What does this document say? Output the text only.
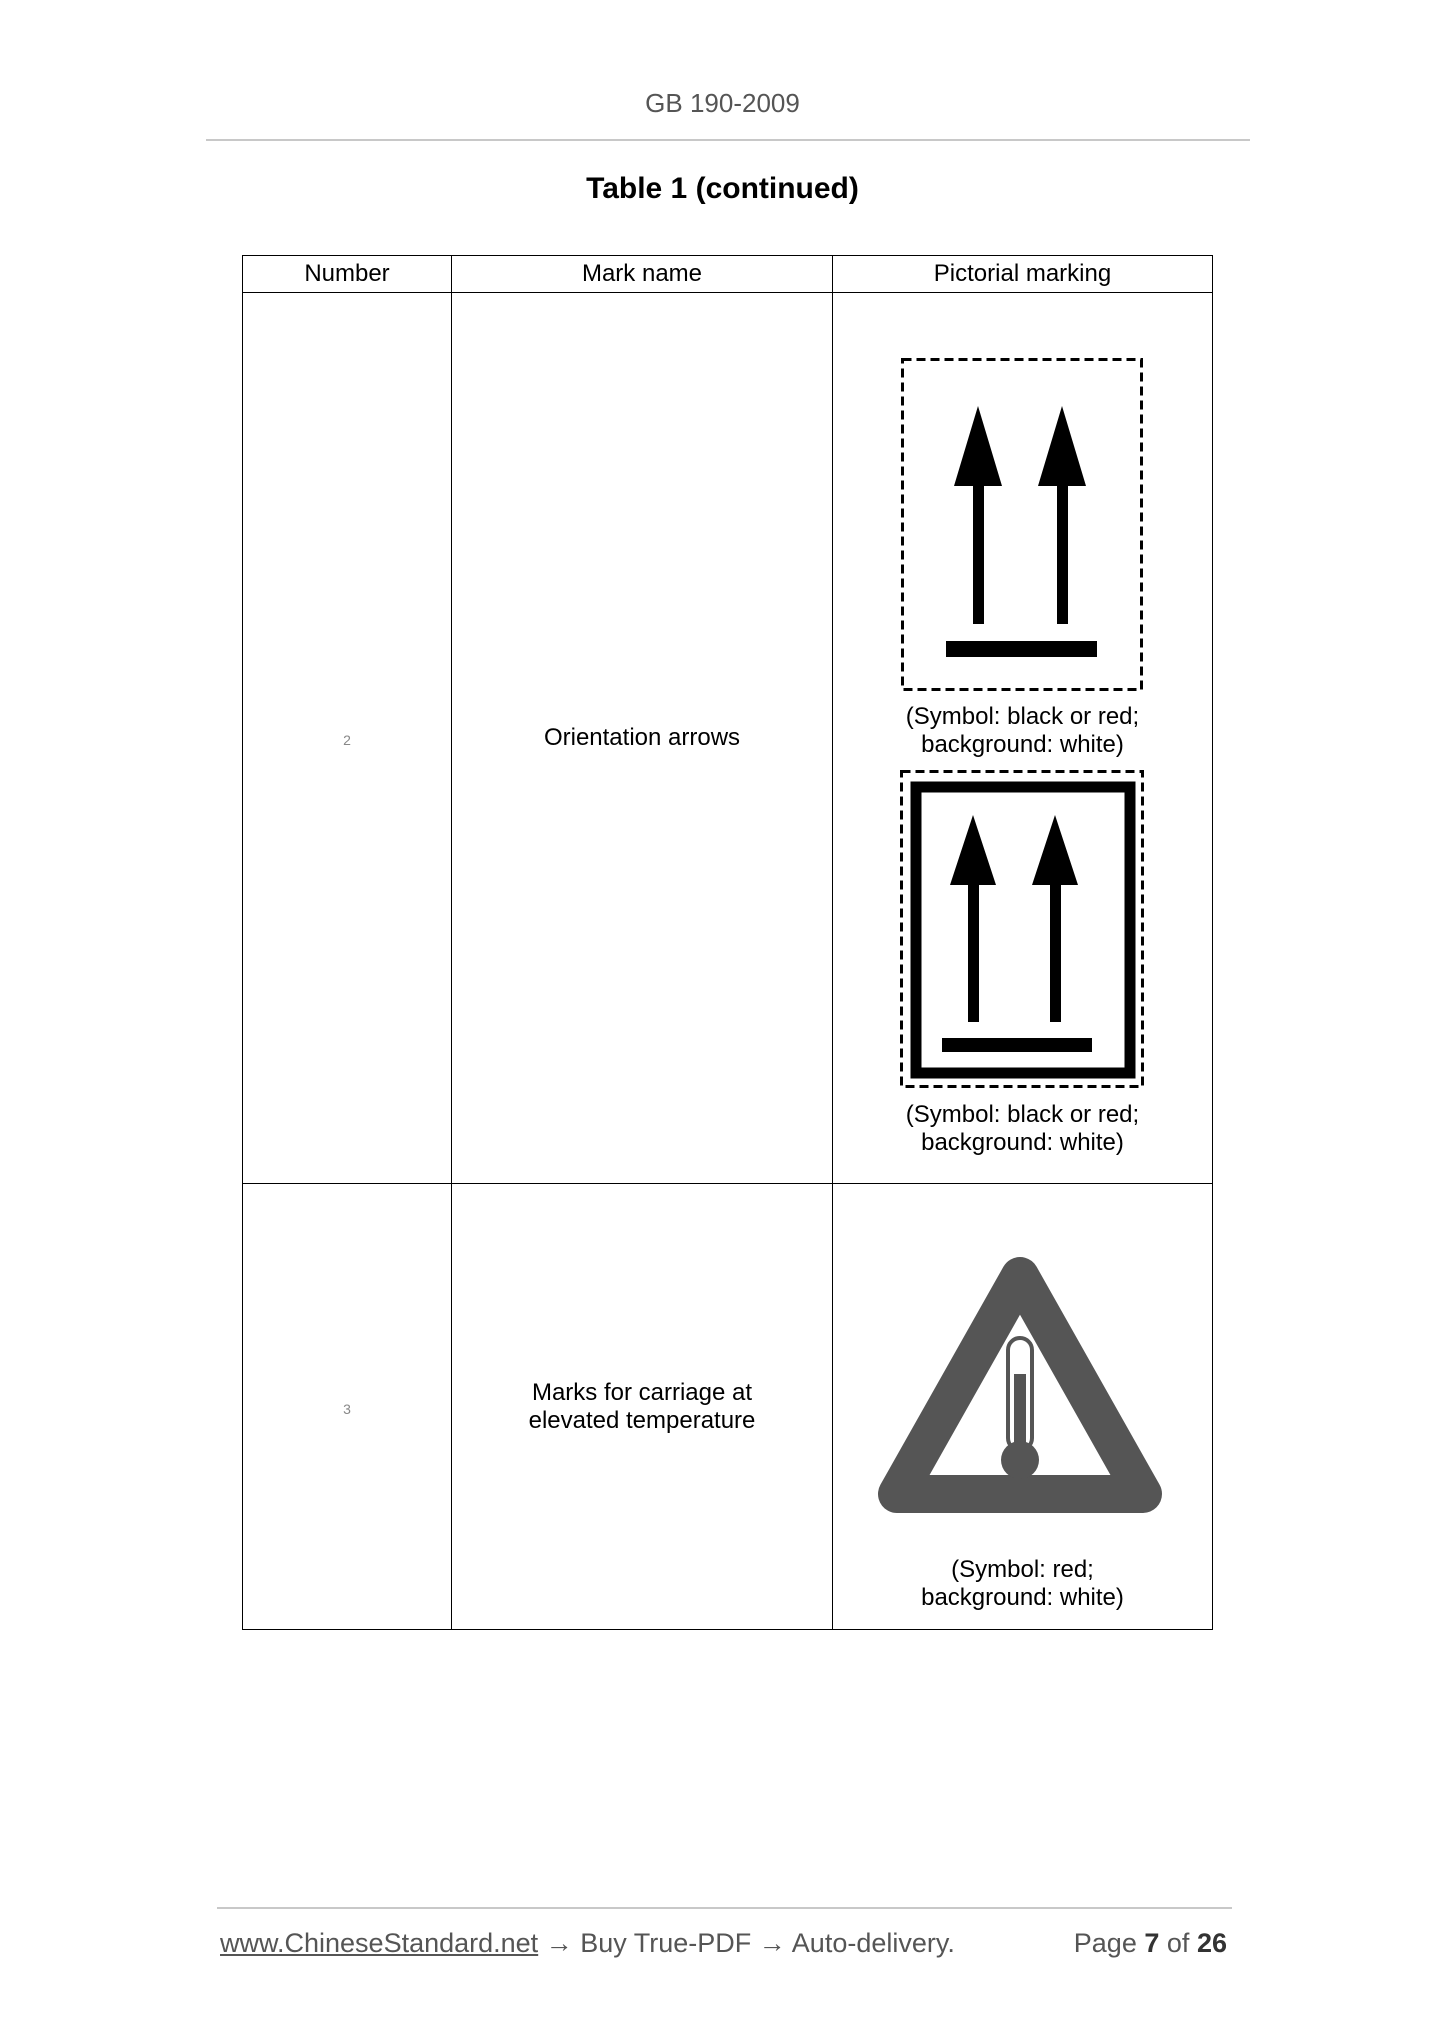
GB 190-2009
Table 1 (continued)
Number	Mark name	Pictorial marking
2	Orientation arrows	(Symbol: black or red;
background: white)
(Symbol: black or red;
background: white)

3	Marks for carriage at
elevated temperature	(Symbol: red;
background: white)
www.ChineseStandard.net → Buy True-PDF → Auto-delivery.	Page 7 of 26
